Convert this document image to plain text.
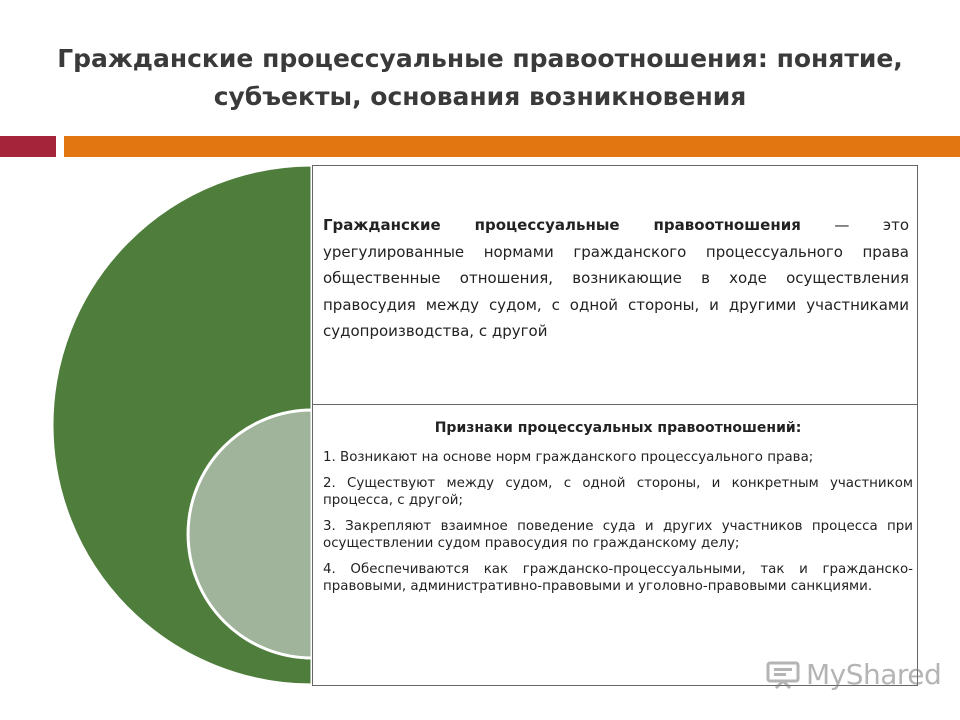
Гражданские процессуальные правоотношения: понятие,
субъекты, основания возникновения
Гражданские процессуальные правоотношения — это урегулированные нормами гражданского процессуального права общественные отношения, возникающие в ходе осуществления правосудия между судом, с одной стороны, и другими участниками судопроизводства, с другой
Признаки процессуальных правоотношений:
1. Возникают на основе норм гражданского процессуального права;
2. Существуют между судом, с одной стороны, и конкретным участником процесса, с другой;
3. Закрепляют взаимное поведение суда и других участников процесса при осуществлении судом правосудия по гражданскому делу;
4. Обеспечиваются как гражданско-процессуальными, так и гражданско-правовыми, административно-правовыми и уголовно-правовыми санкциями.
MyShared
